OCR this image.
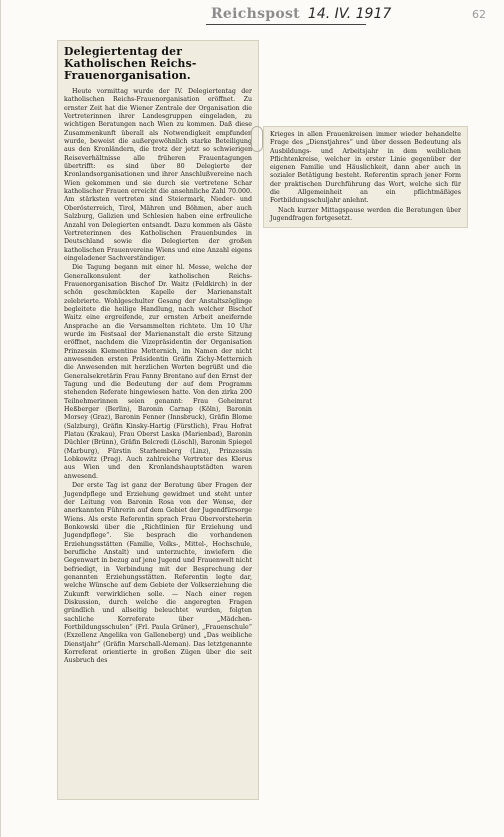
62
Reichspost 14. IV. 1917
Delegiertentag der Katholischen Reichs-Frauenorganisation.

Heute vormittag wurde der IV. Delegiertentag der katholischen Reichs-Frauenorganisation eröffnet. Zu ernster Zeit hat die Wiener Zentrale der Organisation die Vertreterinnen ihrer Landesgruppen eingeladen, zu wichtigen Beratungen nach Wien zu kommen. Daß diese Zusammenkunft überall als Notwendigkeit empfunden wurde, beweist die außergewöhnlich starke Beteiligung aus den Kronländern, die trotz der jetzt so schwierigen Reiseverhältnisse alle früheren Frauentagungen übertrifft: es sind über 80 Delegierte der Kronlandsorganisationen und ihrer Anschlußvereine nach Wien gekommen und sie durch sie vertretene Schar katholischer Frauen erreicht die ansehnliche Zahl 70.000. Am stärksten vertreten sind Steiermark, Nieder- und Oberösterreich, Tirol, Mähren und Böhmen, aber auch Salzburg, Galizien und Schlesien haben eine erfreuliche Anzahl von Delegierten entsandt. Dazu kommen als Gäste Vertreterinnen des Katholischen Frauenbundes in Deutschland sowie die Delegierten der großen katholischen Frauenvereine Wiens und eine Anzahl eigens eingeladener Sachverständiger.

Die Tagung begann mit einer hl. Messe, welche der Generalkonsulent der katholischen Reichs-Frauenorganisation Bischof Dr. Waitz (Feldkirch) in der schön geschmückten Kapelle der Marienanstalt zelebrierte. Wohlgeschulter Gesang der Anstaltszöglinge begleitete die heilige Handlung, nach welcher Bischof Waitz eine ergreifende, zur ernsten Arbeit aneifernde Ansprache an die Versammelten richtete. Um 10 Uhr wurde im Festsaal der Marienanstalt die erste Sitzung eröffnet, nachdem die Vizepräsidentin der Organisation Prinzessin Klementine Metternich, im Namen der nicht anwesenden ersten Präsidentin Gräfin Zichy-Metternich die Anwesenden mit herzlichen Worten begrüßt und die Generalsekretärin Frau Fanny Brentano auf den Ernst der Tagung und die Bedeutung der auf dem Programm stehenden Referate hingewiesen hatte. Von den zirka 200 Teilnehmerinnen seien genannt: Frau Geheimrat Heßberger (Berlin), Baronin Carnap (Köln), Baronin Morsey (Graz), Baronin Fenner (Innsbruck), Gräfin Blome (Salzburg), Gräfin Kinsky-Hartig (Fürstlich), Frau Hofrat Platau (Krakau), Frau Oberst Laska (Marienbad), Baronin Düchler (Brünn), Gräfin Belcredi (Löschl), Baronin Spiegel (Marburg), Fürstin Starhemberg (Linz), Prinzessin Lobkowitz (Prag). Auch zahlreiche Vertreter des Klerus aus Wien und den Kronlandshauptstädten waren anwesend.

Der erste Tag ist ganz der Beratung über Fragen der Jugendpflege und Erziehung gewidmet und steht unter der Leitung von Baronin Rosa von der Wense, der anerkannten Führerin auf dem Gebiet der Jugendfürsorge Wiens. Als erste Referentin sprach Frau Obervorsteherin Bonkowski über die „Richtlinien für Erziehung und Jugendpflege“. Sie besprach die vorhandenen Erziehungsstätten (Familie, Volks-, Mittel-, Hochschule, berufliche Anstalt) und unterzuchte, inwiefern die Gegenwart in bezug auf jene Jugend und Frauenwelt nicht befriedigt, in Verbindung mit der Besprechung der genannten Erziehungsstätten. Referentin legte dar, welche Wünsche auf dem Gebiete der Volkserziehung die Zukunft verwirklichen solle. — Nach einer regen Diskussion, durch welche die angeregten Fragen gründlich und allseitig beleuchtet wurden, folgten sachliche Korreferate über „Mädchen-Fortbildungsschulen“ (Frl. Paula Grüner), „Frauenschule“ (Exzellenz Angelika von Galleneberg) und „Das weibliche Dienstjahr“ (Gräfin Marschall-Aleman). Das letztgenannte Korreferat orientierte in großen Zügen über die seit Ausbruch des

Krieges in allen Frauenkreisen immer wieder behandelte Frage des „Dienstjahres“ und über dessen Bedeutung als Ausbildungs- und Arbeitsjahr in dem weiblichen Pflichtenkreise, welcher in erster Linie gegenüber der eigenen Familie und Häuslichkeit, dann aber auch in sozialer Betätigung besteht. Referentin sprach jener Form der praktischen Durchführung das Wort, welche sich für die Allgemeinheit an ein pflichtmäßiges Fortbildungsschuljahr anlehnt.

Nach kurzer Mittagspause werden die Beratungen über Jugendfragen fortgesetzt.
